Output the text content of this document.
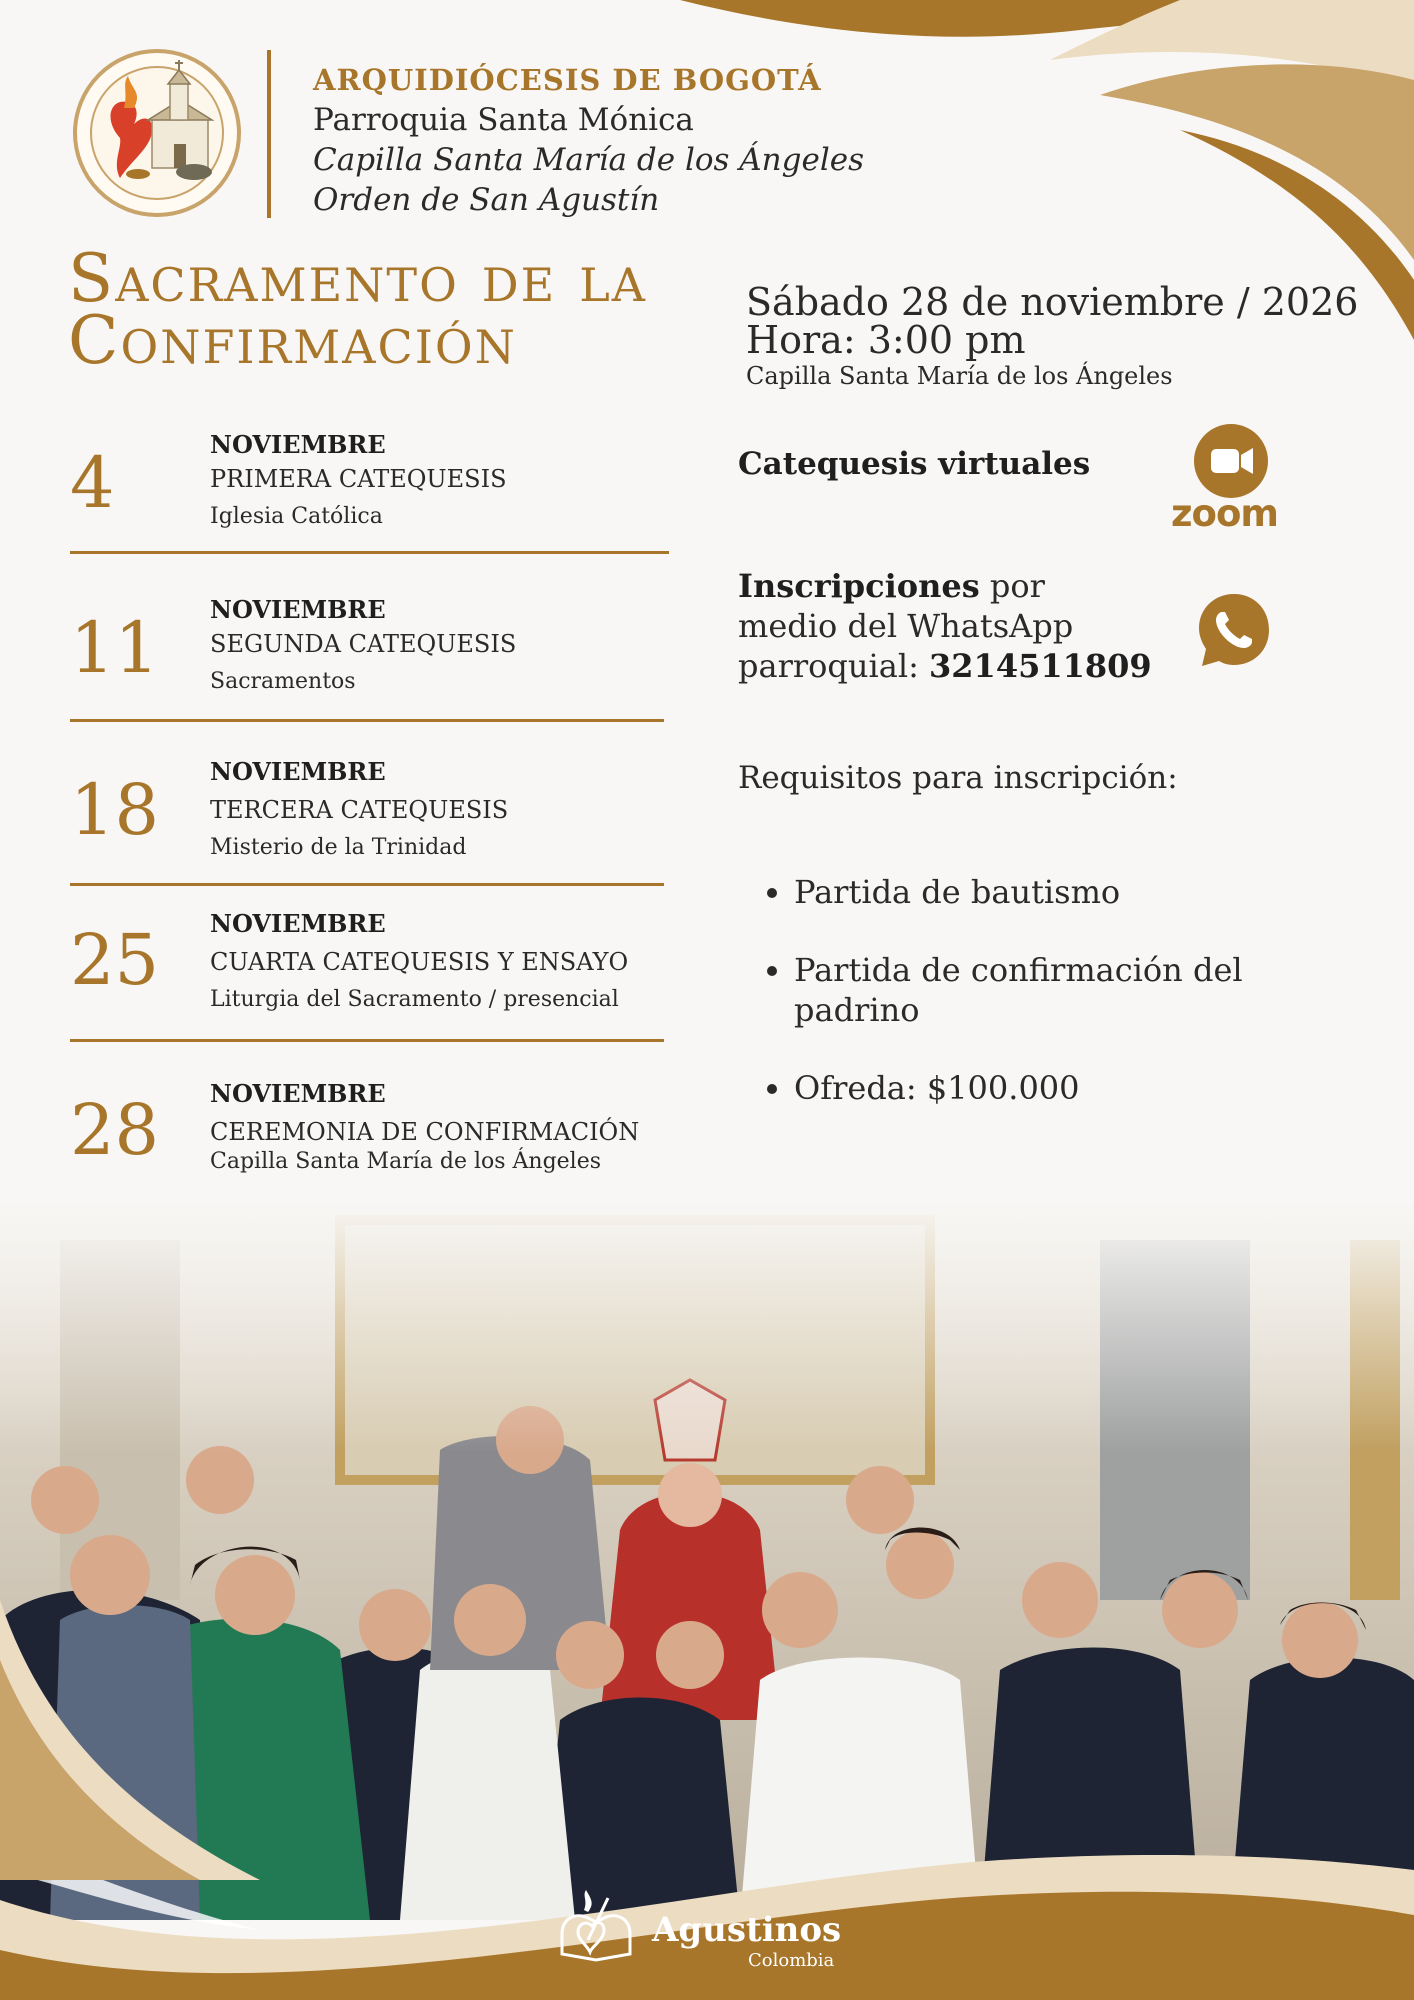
ARQUIDIÓCESIS DE BOGOTÁ
Parroquia Santa Mónica
Capilla Santa María de los Ángeles
Orden de San Agustín
Sacramento de la
Confirmación	Sábado 28 de noviembre / 2026
Hora: 3:00 pm
Capilla Santa María de los Ángeles
4	NOVIEMBRE
PRIMERA CATEQUESIS
Iglesia Católica
11 NOVIEMBRE
SEGUNDA CATEQUESIS
Sacramentos
18 NOVIEMBRE
TERCERA CATEQUESIS
Misterio de la Trinidad
25 NOVIEMBRE
CUARTA CATEQUESIS Y ENSAYO
Liturgia del Sacramento / presencial
28 NOVIEMBRE
CEREMONIA DE CONFIRMACIÓN
Capilla Santa María de los Ángeles
Catequesis virtuales
zoom
Inscripciones por
medio del WhatsApp
parroquial: 3214511809
Requisitos para inscripción:
• Partida de bautismo
• Partida de confirmación del padrino
• Ofreda: $100.000
Agustinos
Colombia
